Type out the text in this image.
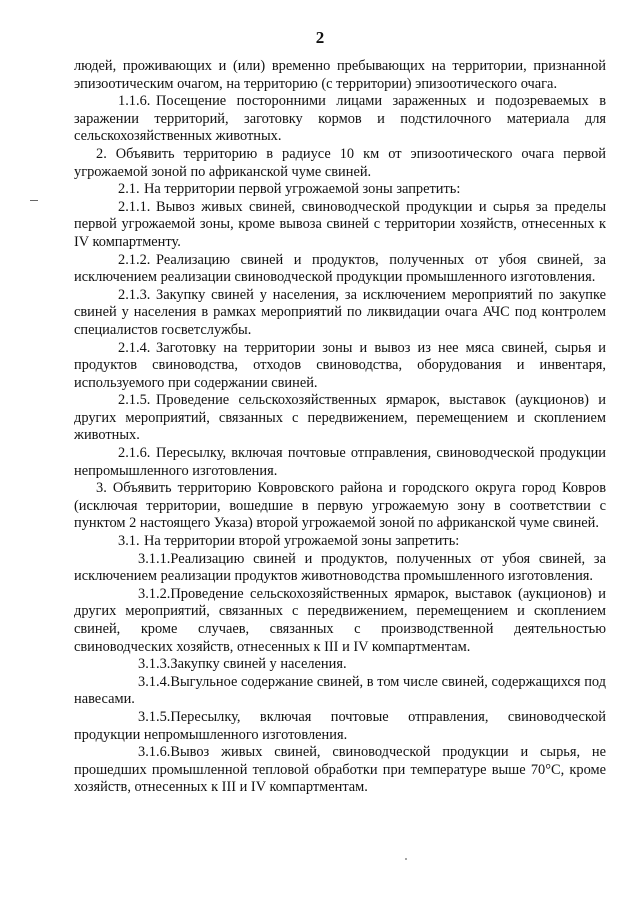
2

людей, проживающих и (или) временно пребывающих на территории, признанной эпизоотическим очагом, на территорию (с территории) эпизоотического очага.

1.1.6. Посещение посторонними лицами зараженных и подозреваемых в заражении территорий, заготовку кормов и подстилочного материала для сельскохозяйственных животных.

2. Объявить территорию в радиусе 10 км от эпизоотического очага первой угрожаемой зоной по африканской чуме свиней.

2.1. На территории первой угрожаемой зоны запретить:

2.1.1. Вывоз живых свиней, свиноводческой продукции и сырья за пределы первой угрожаемой зоны, кроме вывоза свиней с территории хозяйств, отнесенных к IV компартменту.

2.1.2. Реализацию свиней и продуктов, полученных от убоя свиней, за исключением реализации свиноводческой продукции промышленного изготовления.

2.1.3. Закупку свиней у населения, за исключением мероприятий по закупке свиней у населения в рамках мероприятий по ликвидации очага АЧС под контролем специалистов госветслужбы.

2.1.4. Заготовку на территории зоны и вывоз из нее мяса свиней, сырья и продуктов свиноводства, отходов свиноводства, оборудования и инвентаря, используемого при содержании свиней.

2.1.5. Проведение сельскохозяйственных ярмарок, выставок (аукционов) и других мероприятий, связанных с передвижением, перемещением и скоплением животных.

2.1.6. Пересылку, включая почтовые отправления, свиноводческой продукции непромышленного изготовления.

3. Объявить территорию Ковровского района и городского округа город Ковров (исключая территории, вошедшие в первую угрожаемую зону в соответствии с пунктом 2 настоящего Указа) второй угрожаемой зоной по африканской чуме свиней.

3.1. На территории второй угрожаемой зоны запретить:

3.1.1.Реализацию свиней и продуктов, полученных от убоя свиней, за исключением реализации продуктов животноводства промышленного изготовления.

3.1.2.Проведение сельскохозяйственных ярмарок, выставок (аукционов) и других мероприятий, связанных с передвижением, перемещением и скоплением свиней, кроме случаев, связанных с производственной деятельностью свиноводческих хозяйств, отнесенных к III и IV компартментам.

3.1.3.Закупку свиней у населения.

3.1.4.Выгульное содержание свиней, в том числе свиней, содержащихся под навесами.

3.1.5.Пересылку, включая почтовые отправления, свиноводческой продукции непромышленного изготовления.

3.1.6.Вывоз живых свиней, свиноводческой продукции и сырья, не прошедших промышленной тепловой обработки при температуре выше 70°С, кроме хозяйств, отнесенных к III и IV компартментам.
